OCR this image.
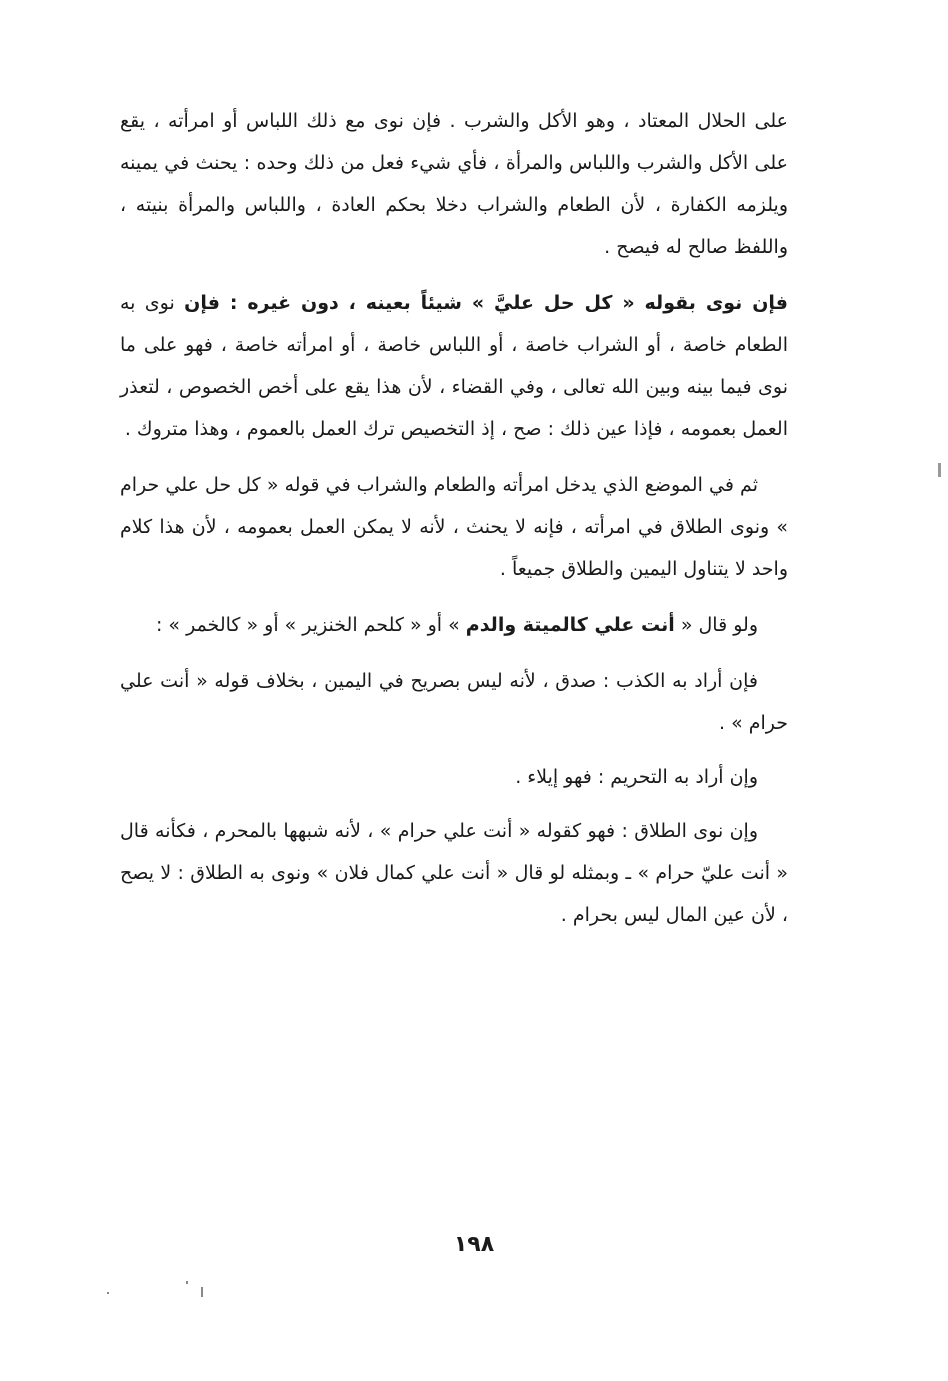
على الحلال المعتاد ، وهو الأكل والشرب . فإن نوى مع ذلك اللباس أو امرأته ، يقع على الأكل والشرب واللباس والمرأة ، فأي شيء فعل من ذلك وحده : يحنث في يمينه ويلزمه الكفارة ، لأن الطعام والشراب دخلا بحكم العادة ، واللباس والمرأة بنيته ، واللفظ صالح له فيصح .

فإن نوى بقوله « كل حل عليَّ » شيئاً بعينه ، دون غيره : فإن نوى به الطعام خاصة ، أو الشراب خاصة ، أو اللباس خاصة ، أو امرأته خاصة ، فهو على ما نوى فيما بينه وبين الله تعالى ، وفي القضاء ، لأن هذا يقع على أخص الخصوص ، لتعذر العمل بعمومه ، فإذا عين ذلك : صح ، إذ التخصيص ترك العمل بالعموم ، وهذا متروك .

ثم في الموضع الذي يدخل امرأته والطعام والشراب في قوله « كل حل علي حرام » ونوى الطلاق في امرأته ، فإنه لا يحنث ، لأنه لا يمكن العمل بعمومه ، لأن هذا كلام واحد لا يتناول اليمين والطلاق جميعاً .

ولو قال « أنت علي كالميتة والدم » أو « كلحم الخنزير » أو « كالخمر » :

فإن أراد به الكذب : صدق ، لأنه ليس بصريح في اليمين ، بخلاف قوله « أنت علي حرام » .

وإن أراد به التحريم : فهو إيلاء .

وإن نوى الطلاق : فهو كقوله « أنت علي حرام » ، لأنه شبهها بالمحرم ، فكأنه قال « أنت عليّ حرام » ـ وبمثله لو قال « أنت علي كمال فلان » ونوى به الطلاق : لا يصح ، لأن عين المال ليس بحرام .

١٩٨
